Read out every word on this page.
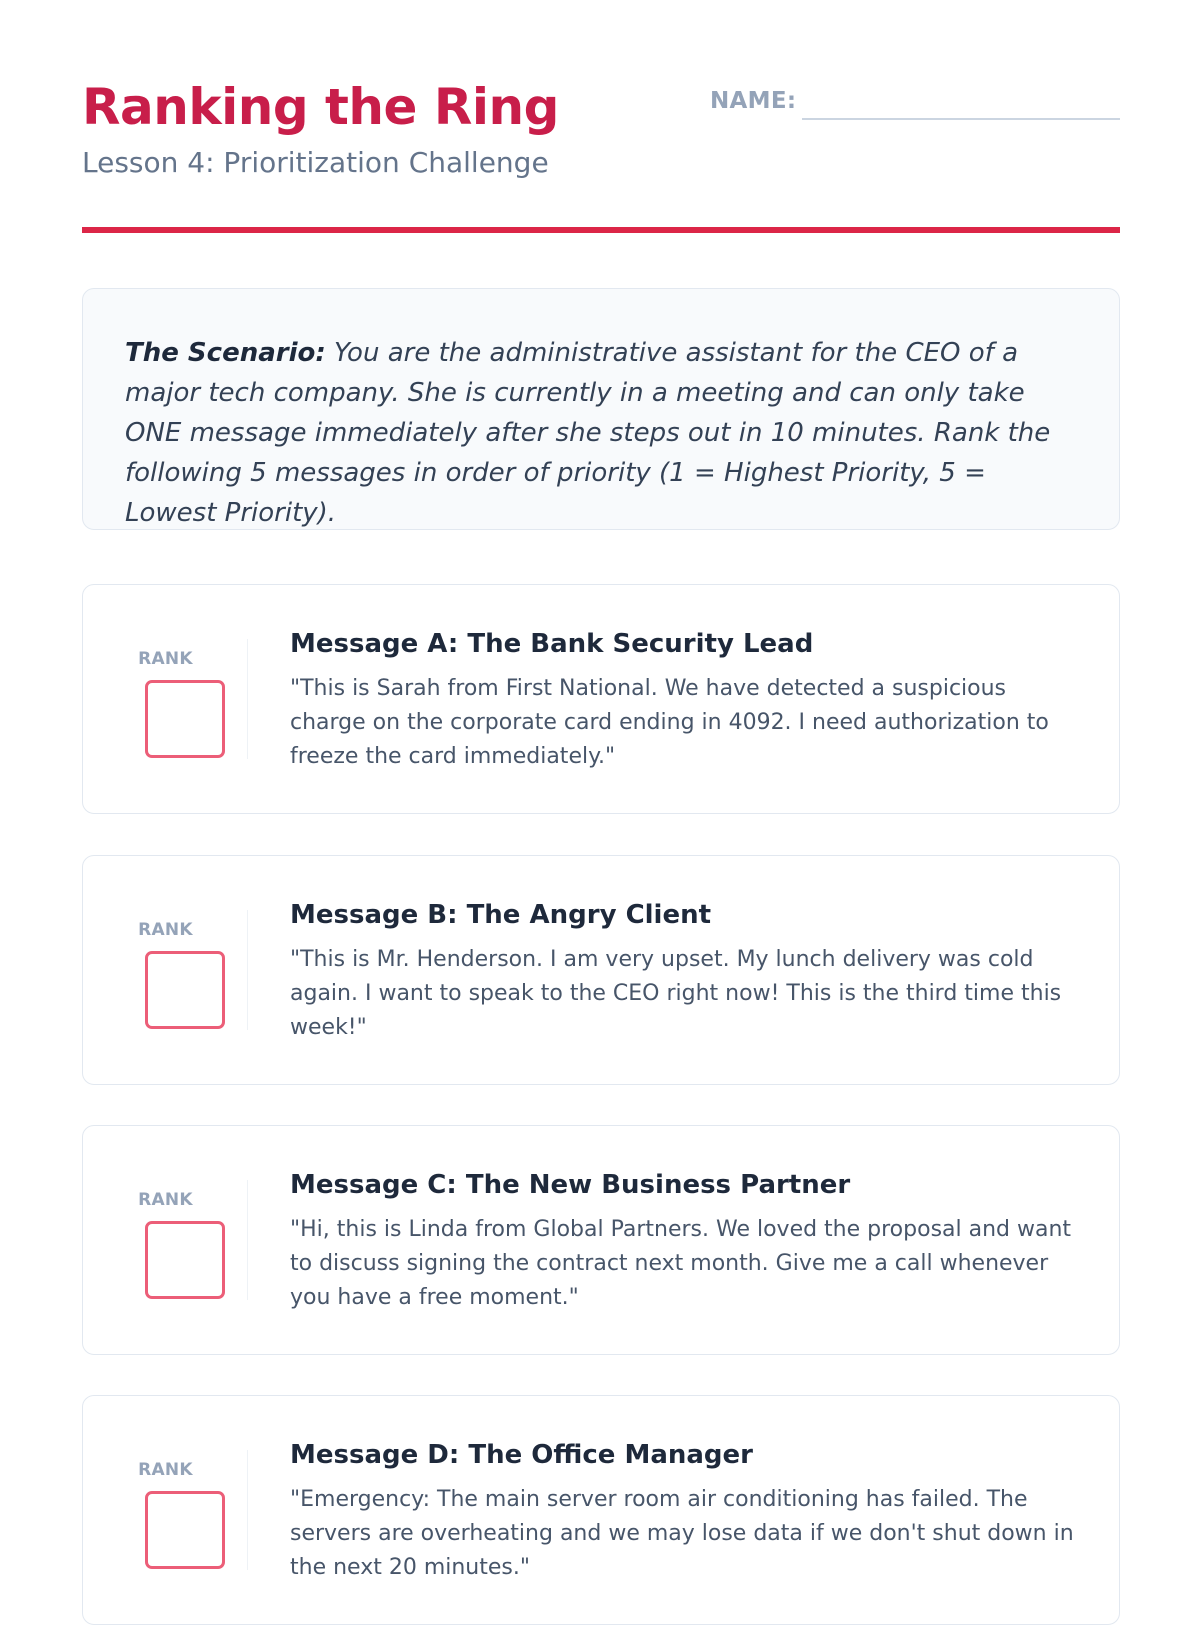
Ranking the Ring
Lesson 4: Prioritization Challenge
NAME:
The Scenario: You are the administrative assistant for the CEO of a major tech company. She is currently in a meeting and can only take ONE message immediately after she steps out in 10 minutes. Rank the following 5 messages in order of priority (1 = Highest Priority, 5 = Lowest Priority).
RANK	Message A: The Bank Security Lead
"This is Sarah from First National. We have detected a suspicious charge on the corporate card ending in 4092. I need authorization to freeze the card immediately."
RANK	Message B: The Angry Client
"This is Mr. Henderson. I am very upset. My lunch delivery was cold again. I want to speak to the CEO right now! This is the third time this week!"
RANK	Message C: The New Business Partner
"Hi, this is Linda from Global Partners. We loved the proposal and want to discuss signing the contract next month. Give me a call whenever you have a free moment."
RANK	Message D: The Office Manager
"Emergency: The main server room air conditioning has failed. The servers are overheating and we may lose data if we don't shut down in the next 20 minutes."
